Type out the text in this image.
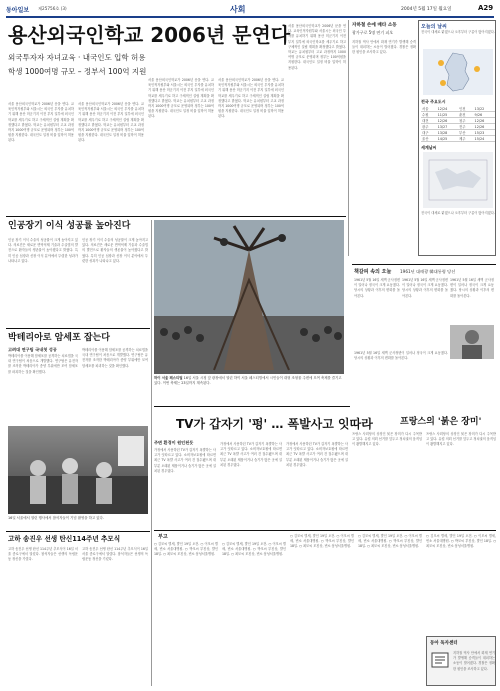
동아일보 제25756호 (3)	사회	2004년 5월 17일 월요일	A29
용산외국인학교 2006년 문연다
외국투자자 자녀교육 · 내국인도 입학 허용
학생 1000여명 규모 – 정부서 100억 지원
서울 용산외국인학교가 2006년 문을 연다. 교육인적자원부와 서울시는 외국인 투자를 유치하기 위해 용산 미군기지 이전 부지 일부에 외국인학교를 세우기로 하고 구체적인 설립 계획을 확정했다고 밝혔다. 학교는 유치원부터 고교 과정까지 1000여명 규모로 운영되며 정부는 100억원을 지원한다. 내국인도 일정 비율 입학이 허용된다.
서울 용산외국인학교가 2006년 문을 연다. 교육인적자원부와 서울시는 외국인 투자를 유치하기 위해 용산 미군기지 이전 부지 일부에 외국인학교를 세우기로 하고 구체적인 설립 계획을 확정했다고 밝혔다. 학교는 유치원부터 고교 과정까지 1000여명 규모로 운영되며 정부는 100억원을 지원한다. 내국인도 일정 비율 입학이 허용된다.
서울 용산외국인학교가 2006년 문을 연다. 교육인적자원부와 서울시는 외국인 투자를 유치하기 위해 용산 미군기지 이전 부지 일부에 외국인학교를 세우기로 하고 구체적인 설립 계획을 확정했다고 밝혔다. 학교는 유치원부터 고교 과정까지 1000여명 규모로 운영되며 정부는 100억원을 지원한다. 내국인도 일정 비율 입학이 허용된다.
서울 용산외국인학교가 2006년 문을 연다. 교육인적자원부와 서울시는 외국인 투자를 유치하기 위해 용산 미군기지 이전 부지 일부에 외국인학교를 세우기로 하고 구체적인 설립 계획을 확정했다고 밝혔다. 학교는 유치원부터 고교 과정까지 1000여명 규모로 운영되며 정부는 100억원을 지원한다. 내국인도 일정 비율 입학이 허용된다.
서울 용산외국인학교가 2006년 문을 연다. 교육인적자원부와 서울시는 외국인 투자를 유치하기 위해 용산 미군기지 이전 부지 일부에 외국인학교를 세우기로 하고 구체적인 설립 계획을 확정했다고 밝혔다. 학교는 유치원부터 고교 과정까지 1000여명 규모로 운영되며 정부는 100억원을 지원한다. 내국인도 일정 비율 입학이 허용된다.
자하철 손에 매타 소동
광가구로 5명 연기 피오
지하철 역사 안에서 화재 연기가 발생해 승객들이 대피하는 소동이 벌어졌다. 경찰은 정확한 원인을 조사하고 있다.
오늘의 날씨
전국이 대체로 맑겠으나 오후부터 구름이 많아지겠다.
전국 주요도시
서울	12/24	인천	13/22
수원	11/25	춘천	9/26
대전	12/26	청주	12/26
광주	13/27	전주	12/26
대구	13/28	부산	15/23
울산	14/25	제주	15/24
세계날씨
전국이 대체로 맑겠으나 오후부터 구름이 많아지겠다.
인공장기 이식 성공률 높아진다
인공 장기 이식 수술의 성공률이 크게 높아지고 있다. 의료진은 새로운 면역억제 기술과 수술법의 발전으로 환자들의 생존율이 높아졌다고 밝혔다. 특히 인공 심장과 신장 이식 분야에서 뚜렷한 성과가 나타나고 있다.
인공 장기 이식 수술의 성공률이 크게 높아지고 있다. 의료진은 새로운 면역억제 기술과 수술법의 발전으로 환자들의 생존율이 높아졌다고 밝혔다. 특히 인공 심장과 신장 이식 분야에서 뚜렷한 성과가 나타나고 있다.
박테리아로 암세포 잡는다
고려대 연구팀 국내첫 성공
박테리아를 이용해 암세포를 공격하는 치료법을 국내 연구팀이 처음으로 개발했다. 연구팀은 유전자를 조작한 박테리아가 종양 부위에만 모여 암세포를 파괴하는 것을 확인했다.
박테리아를 이용해 암세포를 공격하는 치료법을 국내 연구팀이 처음으로 개발했다. 연구팀은 유전자를 조작한 박테리아가 종양 부위에만 모여 암세포를 파괴하는 것을 확인했다.
16일 서울에서 열린 행사에서 참석자들이 기념 촬영을 하고 있다.
고하 송진우 선생 탄신114주년 추모식
고하 송진우 선생 탄신 114주년 추모식이 16일 서울 종로구에서 열렸다. 참석자들은 선생의 독립운동 정신을 기렸다.
고하 송진우 선생 탄신 114주년 추모식이 16일 서울 종로구에서 열렸다. 참석자들은 선생의 독립운동 정신을 기렸다.
하이 서울 페스티벌 16일 서울 시청 앞 광장에서 열린 하이 서울 페스티벌에서 시민들이 대형 조형물 주변에 모여 축제를 즐기고 있다. 이번 축제는 23일까지 계속된다.
책갈피 속의 오늘 1961년 대때광 韓대통령 당선
1961년 5월 16일 새벽 군사정변이 일어나 정국이 크게 요동쳤다. 당시의 상황과 이후의 변화를 돌아본다.
1961년 5월 16일 새벽 군사정변이 일어나 정국이 크게 요동쳤다. 당시의 상황과 이후의 변화를 돌아본다.
1961년 5월 16일 새벽 군사정변이 일어나 정국이 크게 요동쳤다. 당시의 상황과 이후의 변화를 돌아본다.
1961년 5월 16일 새벽 군사정변이 일어나 정국이 크게 요동쳤다. 당시의 상황과 이후의 변화를 돌아본다.
프랑스의 '붉은 장미'
프랑스 사회당의 상징인 붉은 장미가 다시 주목받고 있다. 유럽 의회 선거를 앞두고 정치권의 움직임이 활발해지고 있다.
프랑스 사회당의 상징인 붉은 장미가 다시 주목받고 있다. 유럽 의회 선거를 앞두고 정치권의 움직임이 활발해지고 있다.
TV가 갑자기 '펑' … 폭발사고 잇따라
주변 환경이 원인된듯
가정에서 사용하던 TV가 갑자기 폭발하는 사고가 잇따르고 있다. 소비자보호원에 따르면 최근 TV 폭발 사고가 여러 건 접수됐으며 대부분 오래된 제품이거나 습기가 많은 곳에 설치된 경우였다.
가정에서 사용하던 TV가 갑자기 폭발하는 사고가 잇따르고 있다. 소비자보호원에 따르면 최근 TV 폭발 사고가 여러 건 접수됐으며 대부분 오래된 제품이거나 습기가 많은 곳에 설치된 경우였다.
가정에서 사용하던 TV가 갑자기 폭발하는 사고가 잇따르고 있다. 소비자보호원에 따르면 최근 TV 폭발 사고가 여러 건 접수됐으며 대부분 오래된 제품이거나 습기가 많은 곳에 설치된 경우였다.
부고
○ 김모씨 별세, 발인 19일 오전. ○ 이모씨 별세, 빈소 서울대병원. ○ 박모씨 부친상, 발인 18일. ○ 최모씨 모친상, 빈소 삼성서울병원.
○ 김모씨 별세, 발인 19일 오전. ○ 이모씨 별세, 빈소 서울대병원. ○ 박모씨 부친상, 발인 18일. ○ 최모씨 모친상, 빈소 삼성서울병원.
○ 김모씨 별세, 발인 19일 오전. ○ 이모씨 별세, 빈소 서울대병원. ○ 박모씨 부친상, 발인 18일. ○ 최모씨 모친상, 빈소 삼성서울병원.
○ 김모씨 별세, 발인 19일 오전. ○ 이모씨 별세, 빈소 서울대병원. ○ 박모씨 부친상, 발인 18일. ○ 최모씨 모친상, 빈소 삼성서울병원.
○ 김모씨 별세, 발인 19일 오전. ○ 이모씨 별세, 빈소 서울대병원. ○ 박모씨 부친상, 발인 18일. ○ 최모씨 모친상, 빈소 삼성서울병원.
동아 독자센터
지하철 역사 안에서 화재 연기가 발생해 승객들이 대피하는 소동이 벌어졌다. 경찰은 정확한 원인을 조사하고 있다.
